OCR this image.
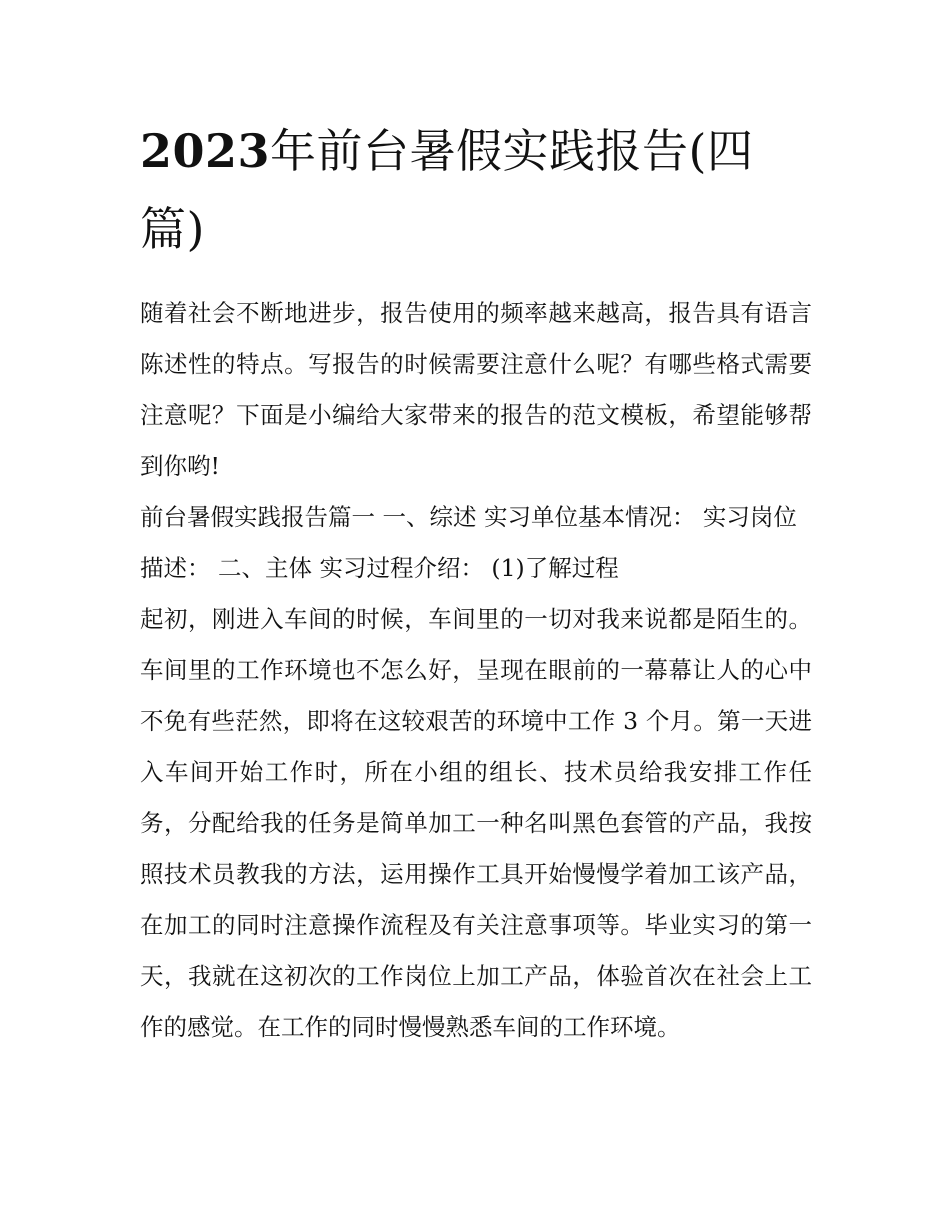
2023年前台暑假实践报告(四篇)

随着社会不断地进步，报告使用的频率越来越高，报告具有语言陈述性的特点。写报告的时候需要注意什么呢？有哪些格式需要注意呢？下面是小编给大家带来的报告的范文模板，希望能够帮到你哟!

前台暑假实践报告篇一 一、综述 实习单位基本情况： 实习岗位描述： 二、主体 实习过程介绍： (1)了解过程

起初，刚进入车间的时候，车间里的一切对我来说都是陌生的。车间里的工作环境也不怎么好，呈现在眼前的一幕幕让人的心中不免有些茫然，即将在这较艰苦的环境中工作 3 个月。第一天进入车间开始工作时，所在小组的组长、技术员给我安排工作任务，分配给我的任务是简单加工一种名叫黑色套管的产品，我按照技术员教我的方法，运用操作工具开始慢慢学着加工该产品，在加工的同时注意操作流程及有关注意事项等。毕业实习的第一天，我就在这初次的工作岗位上加工产品，体验首次在社会上工作的感觉。在工作的同时慢慢熟悉车间的工作环境。
